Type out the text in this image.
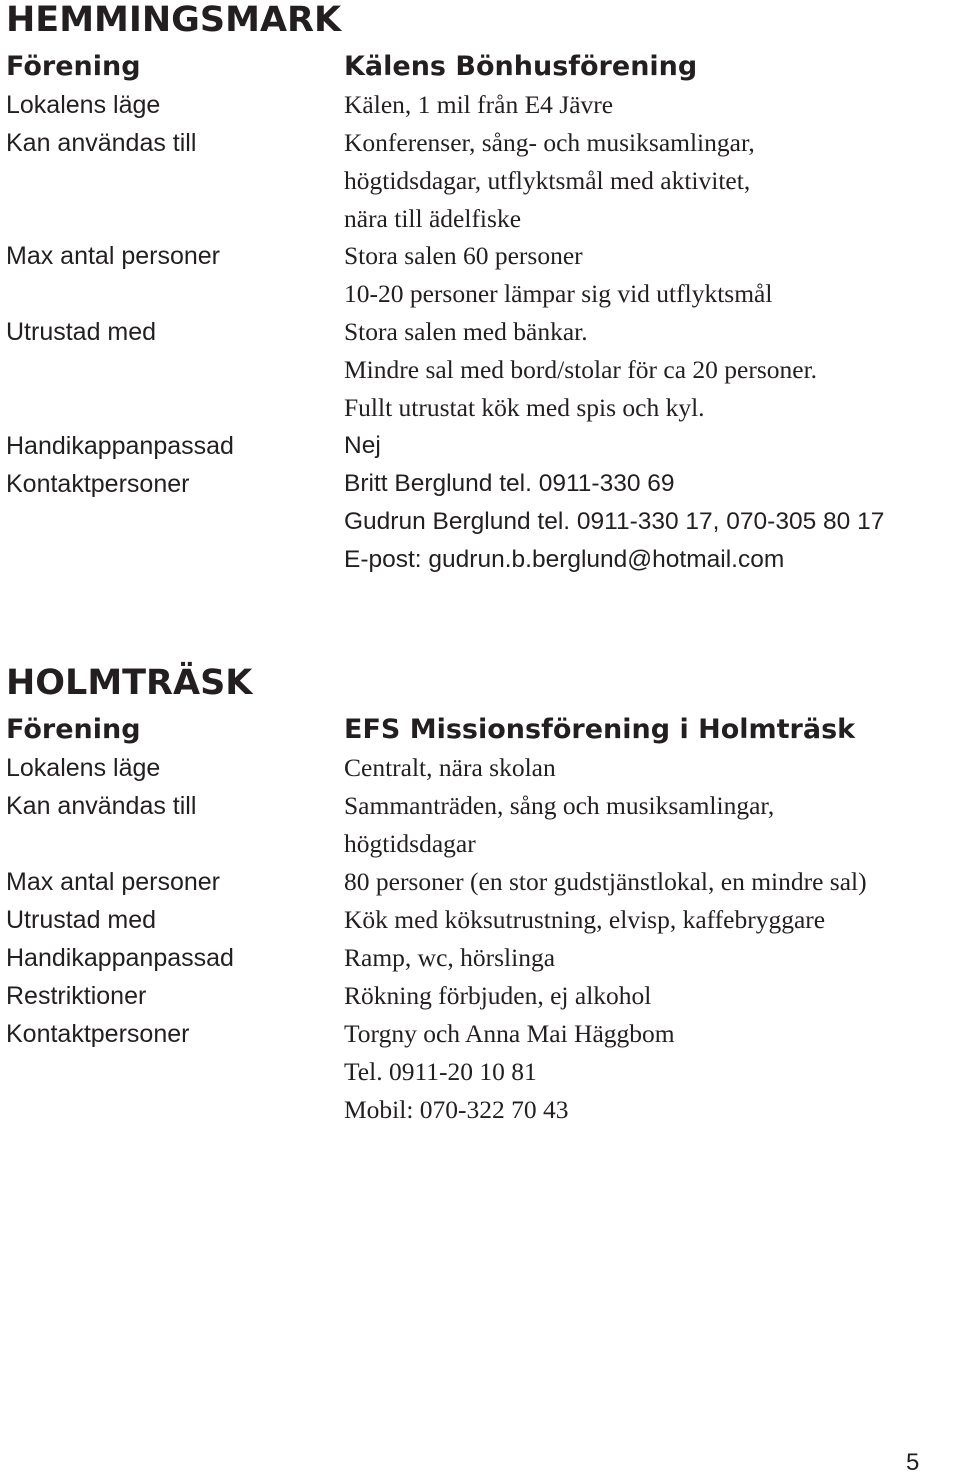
HEMMINGSMARK
Förening	Kälens Bönhusförening
Lokalens läge	Kälen, 1 mil från E4 Jävre
Kan användas till	Konferenser, sång- och musiksamlingar,
högtidsdagar, utflyktsmål med aktivitet,
nära till ädelfiske
Max antal personer	Stora salen 60 personer
10-20 personer lämpar sig vid utflyktsmål
Utrustad med	Stora salen med bänkar.
Mindre sal med bord/stolar för ca 20 personer.
Fullt utrustat kök med spis och kyl.
Handikappanpassad	Nej
Kontaktpersoner	Britt Berglund tel. 0911-330 69
Gudrun Berglund tel. 0911-330 17, 070-305 80 17
E-post: gudrun.b.berglund@hotmail.com
HOLMTRÄSK
Förening	EFS Missionsförening i Holmträsk
Lokalens läge	Centralt, nära skolan
Kan användas till	Sammanträden, sång och musiksamlingar,
högtidsdagar
Max antal personer	80 personer (en stor gudstjänstlokal, en mindre sal)
Utrustad med	Kök med köksutrustning, elvisp, kaffebryggare
Handikappanpassad	Ramp, wc, hörslinga
Restriktioner	Rökning förbjuden, ej alkohol
Kontaktpersoner	Torgny och Anna Mai Häggbom
Tel. 0911-20 10 81
Mobil: 070-322 70 43
5
